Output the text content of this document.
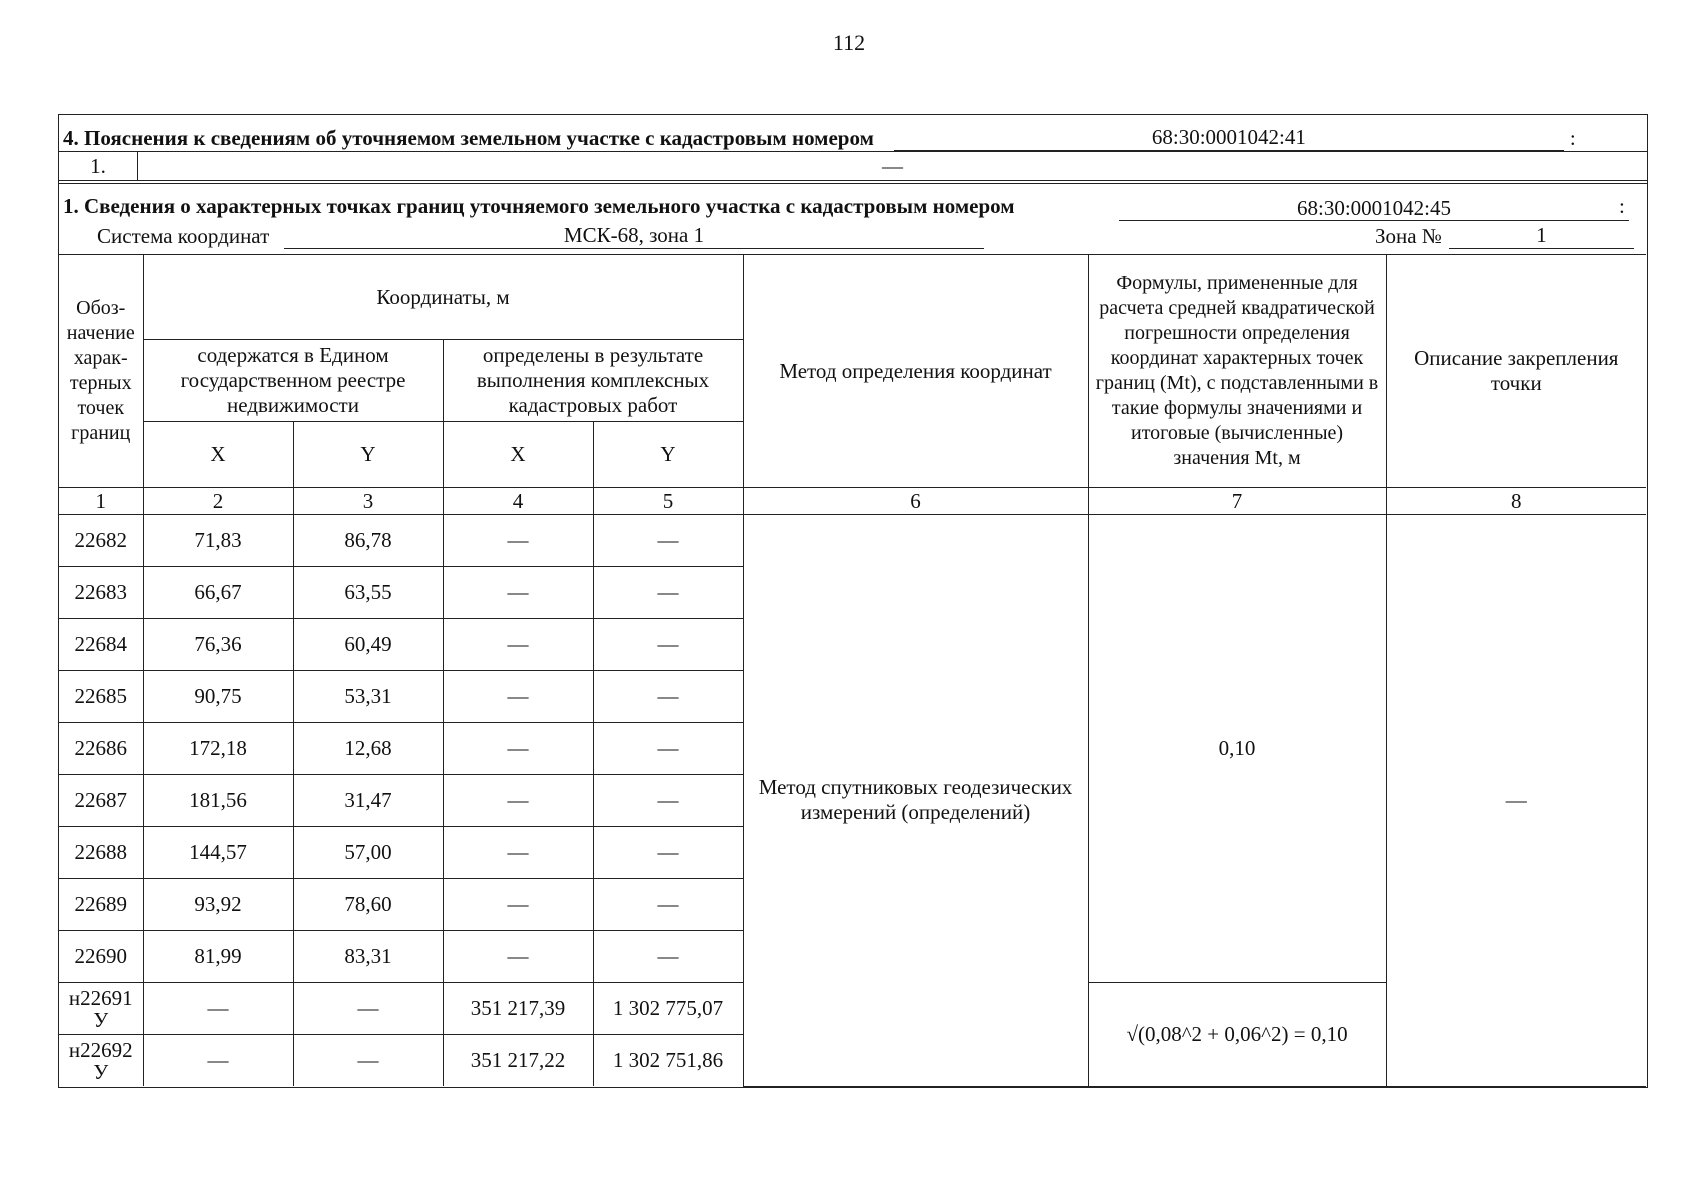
112
4. Пояснения к сведениям об уточняемом земельном участке с кадастровым номером	68:30:0001042:41	:
1.	—
1. Сведения о характерных точках границ уточняемого земельного участка с кадастровым номером	68:30:0001042:45	:
Система координат	МСК-68, зона 1	Зона №	1
Обоз-начение харак-терных точек границ	Координаты, м				Метод определения координат	Формулы, примененные для расчета средней квадратической погрешности определения координат характерных точек границ (Mt), с подставленными в такие формулы значениями и итоговые (вычисленные) значения Mt, м	Описание закрепления точки
	содержатся в Едином государственном реестре недвижимости		определены в результате выполнения комплексных кадастровых работ				
	X	Y	X	Y			
1	2	3	4	5	6	7	8
22682	71,83	86,78	—	—	Метод спутниковых геодезических измерений (определений)	0,10	—
22683	66,67	63,55	—	—			
22684	76,36	60,49	—	—			
22685	90,75	53,31	—	—			
22686	172,18	12,68	—	—			
22687	181,56	31,47	—	—			
22688	144,57	57,00	—	—			
22689	93,92	78,60	—	—			
22690	81,99	83,31	—	—			
н22691 У	—	—	351 217,39	1 302 775,07		√(0,08^2 + 0,06^2) = 0,10	
н22692 У	—	—	351 217,22	1 302 751,86			
